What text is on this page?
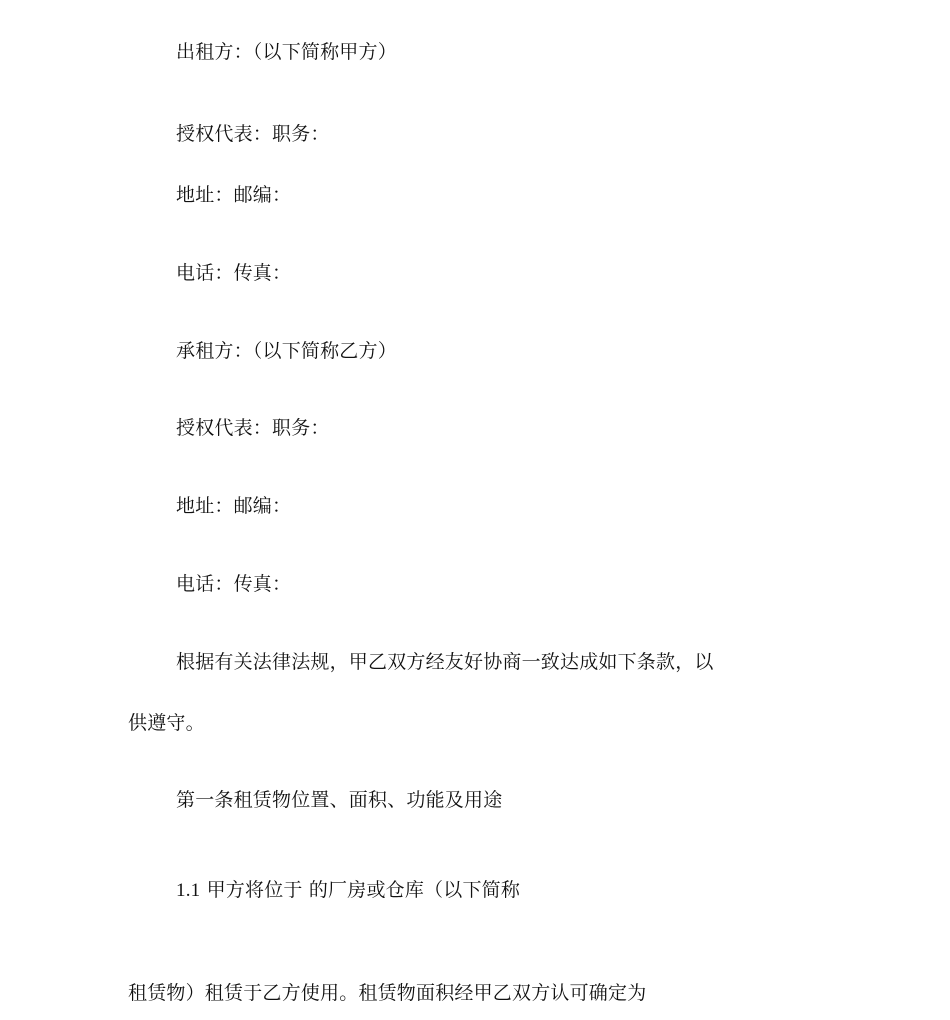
出租方：（以下简称甲方）
授权代表：职务：
地址：邮编：
电话：传真：
承租方：（以下简称乙方）
授权代表：职务：
地址：邮编：
电话：传真：
根据有关法律法规，甲乙双方经友好协商一致达成如下条款，以
供遵守。
第一条租赁物位置、面积、功能及用途
1.1 甲方将位于 的厂房或仓库（以下简称
租赁物）租赁于乙方使用。租赁物面积经甲乙双方认可确定为
